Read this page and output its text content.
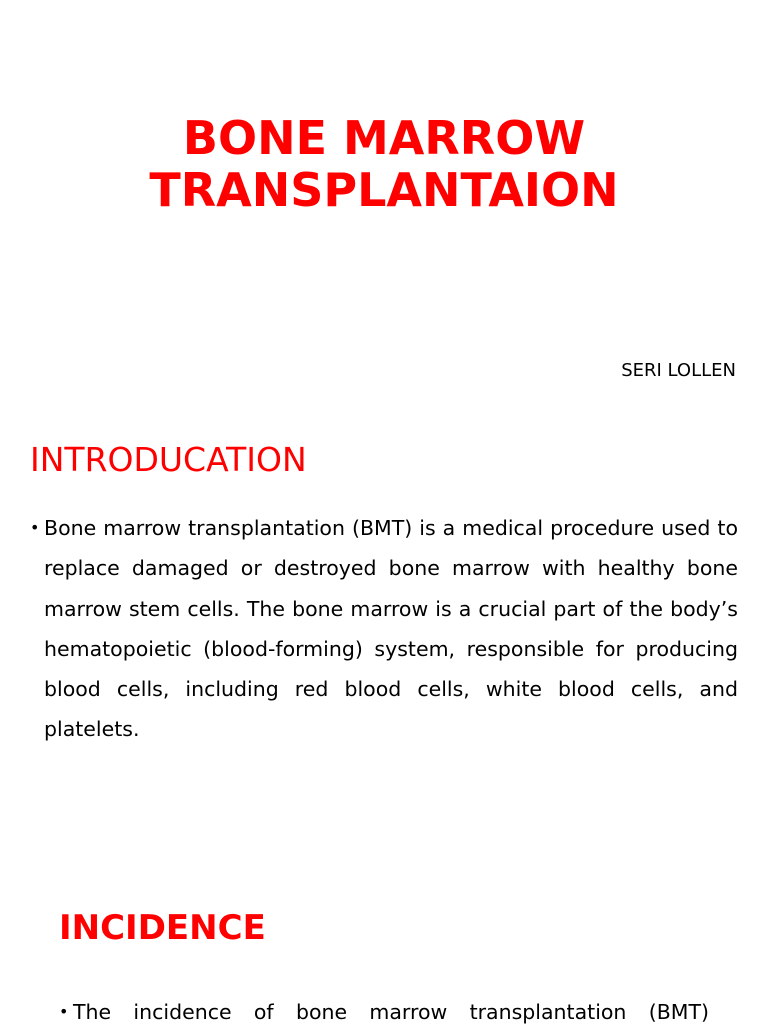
BONE MARROW
TRANSPLANTAION

SERI LOLLEN

INTRODUCATION
• Bone marrow transplantation (BMT) is a medical procedure used to replace damaged or destroyed bone marrow with healthy bone marrow stem cells. The bone marrow is a crucial part of the body’s hematopoietic (blood-forming) system, responsible for producing blood cells, including red blood cells, white blood cells, and platelets.
INCIDENCE
• The incidence of bone marrow transplantation (BMT)
